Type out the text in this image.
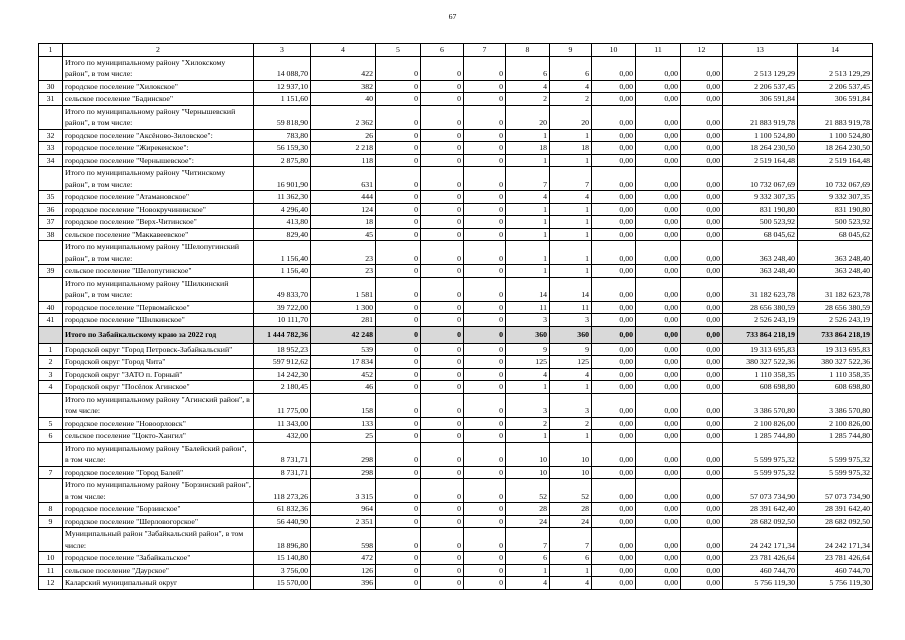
67
1	2	3	4	5	6	7	8	9	10	11	12	13	14
	Итого по муниципальному району "Хилокскому район", в том числе:	14 088,70	422	0	0	0	6	6	0,00	0,00	0,00	2 513 129,29	2 513 129,29
30	городское поселение "Хилокское"	12 937,10	382	0	0	0	4	4	0,00	0,00	0,00	2 206 537,45	2 206 537,45
31	сельское поселение "Бадинское"	1 151,60	40	0	0	0	2	2	0,00	0,00	0,00	306 591,84	306 591,84
	Итого по муниципальному району "Чернышевский район", в том числе:	59 818,90	2 362	0	0	0	20	20	0,00	0,00	0,00	21 883 919,78	21 883 919,78
32	городское поселение "Аксёново-Зиловское":	783,80	26	0	0	0	1	1	0,00	0,00	0,00	1 100 524,80	1 100 524,80
33	городское поселение "Жирекенское":	56 159,30	2 218	0	0	0	18	18	0,00	0,00	0,00	18 264 230,50	18 264 230,50
34	городское поселение "Чернышевское":	2 875,80	118	0	0	0	1	1	0,00	0,00	0,00	2 519 164,48	2 519 164,48
	Итого по муниципальному району "Читинскому район", в том числе:	16 901,90	631	0	0	0	7	7	0,00	0,00	0,00	10 732 067,69	10 732 067,69
35	городское поселение "Атамановское"	11 362,30	444	0	0	0	4	4	0,00	0,00	0,00	9 332 307,35	9 332 307,35
36	городское поселение "Новокручининское"	4 296,40	124	0	0	0	1	1	0,00	0,00	0,00	831 190,80	831 190,80
37	городское поселение "Верх-Читинское"	413,80	18	0	0	0	1	1	0,00	0,00	0,00	500 523,92	500 523,92
38	сельское поселение "Маккавеевское"	829,40	45	0	0	0	1	1	0,00	0,00	0,00	68 045,62	68 045,62
	Итого по муниципальному району "Шелопугинский район", в том числе:	1 156,40	23	0	0	0	1	1	0,00	0,00	0,00	363 248,40	363 248,40
39	сельское поселение "Шелопугинское"	1 156,40	23	0	0	0	1	1	0,00	0,00	0,00	363 248,40	363 248,40
	Итого по муниципальному району "Шилкинский район", в том числе:	49 833,70	1 581	0	0	0	14	14	0,00	0,00	0,00	31 182 623,78	31 182 623,78
40	городское поселение "Первомайское"	39 722,00	1 300	0	0	0	11	11	0,00	0,00	0,00	28 656 380,59	28 656 380,59
41	городское поселение "Шилкинское"	10 111,70	281	0	0	0	3	3	0,00	0,00	0,00	2 526 243,19	2 526 243,19
	Итого по Забайкальскому краю за 2022 год	1 444 782,36	42 248	0	0	0	360	360	0,00	0,00	0,00	733 864 218,19	733 864 218,19
1	Городской округ "Город Петровск-Забайкальский"	18 952,23	539	0	0	0	9	9	0,00	0,00	0,00	19 313 695,83	19 313 695,83
2	Городской округ "Город Чита"	597 912,62	17 834	0	0	0	125	125	0,00	0,00	0,00	380 327 522,36	380 327 522,36
3	Городской округ "ЗАТО п. Горный"	14 242,30	452	0	0	0	4	4	0,00	0,00	0,00	1 110 358,35	1 110 358,35
4	Городской округ "Посёлок Агинское"	2 180,45	46	0	0	0	1	1	0,00	0,00	0,00	608 698,80	608 698,80
	Итого по муниципальному району "Агинский район", в том числе:	11 775,00	158	0	0	0	3	3	0,00	0,00	0,00	3 386 570,80	3 386 570,80
5	городское поселение "Новоорловск"	11 343,00	133	0	0	0	2	2	0,00	0,00	0,00	2 100 826,00	2 100 826,00
6	сельское поселение "Цокто-Хангил"	432,00	25	0	0	0	1	1	0,00	0,00	0,00	1 285 744,80	1 285 744,80
	Итого по муниципальному району "Балейский район", в том числе:	8 731,71	298	0	0	0	10	10	0,00	0,00	0,00	5 599 975,32	5 599 975,32
7	городское поселение "Город Балей"	8 731,71	298	0	0	0	10	10	0,00	0,00	0,00	5 599 975,32	5 599 975,32
	Итого по муниципальному району "Борзинский район", в том числе:	118 273,26	3 315	0	0	0	52	52	0,00	0,00	0,00	57 073 734,90	57 073 734,90
8	городское поселение "Борзинское"	61 832,36	964	0	0	0	28	28	0,00	0,00	0,00	28 391 642,40	28 391 642,40
9	городское поселение "Шерловогорское"	56 440,90	2 351	0	0	0	24	24	0,00	0,00	0,00	28 682 092,50	28 682 092,50
	Муниципальный район "Забайкальский район", в том числе:	18 896,80	598	0	0	0	7	7	0,00	0,00	0,00	24 242 171,34	24 242 171,34
10	городское поселение "Забайкальское"	15 140,80	472	0	0	0	6	6	0,00	0,00	0,00	23 781 426,64	23 781 426,64
11	сельское поселение "Даурское"	3 756,00	126	0	0	0	1	1	0,00	0,00	0,00	460 744,70	460 744,70
12	Каларский муниципальный округ	15 570,00	396	0	0	0	4	4	0,00	0,00	0,00	5 756 119,30	5 756 119,30
